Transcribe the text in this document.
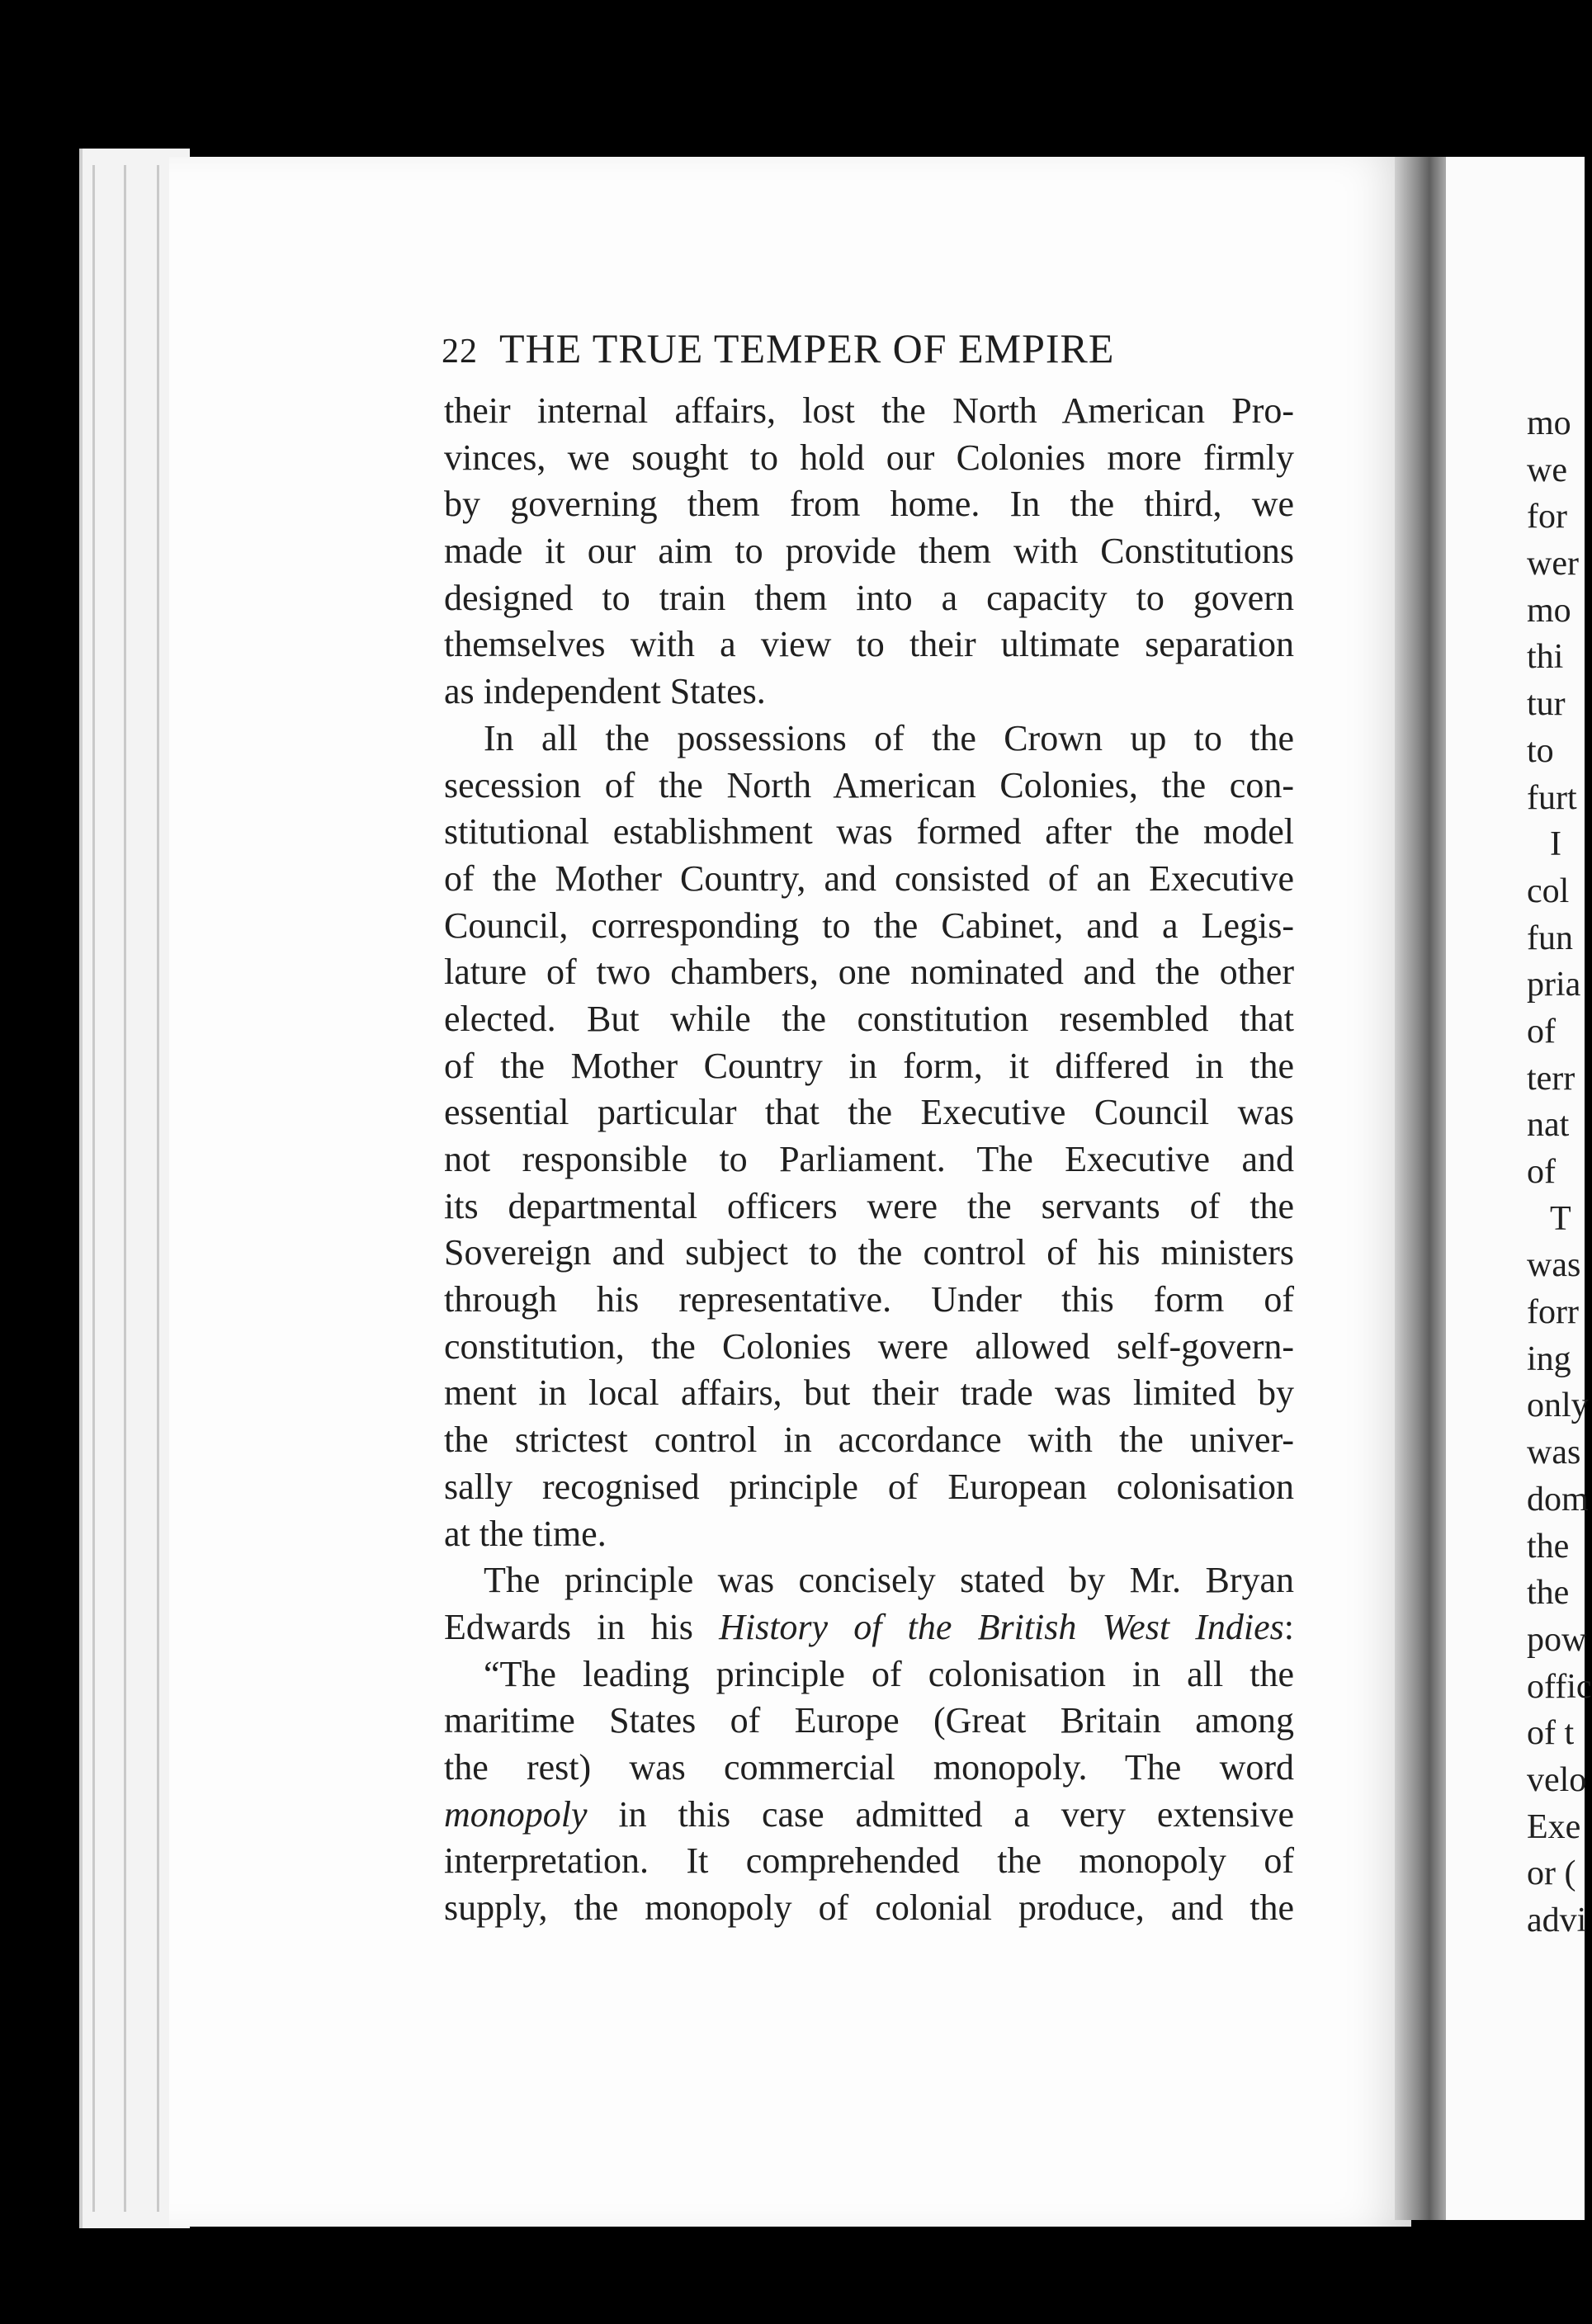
22 THE TRUE TEMPER OF EMPIRE
their internal affairs, lost the North American Pro-
vinces, we sought to hold our Colonies more firmly
by governing them from home. In the third, we
made it our aim to provide them with Constitutions
designed to train them into a capacity to govern
themselves with a view to their ultimate separation
as independent States.
In all the possessions of the Crown up to the
secession of the North American Colonies, the con-
stitutional establishment was formed after the model
of the Mother Country, and consisted of an Executive
Council, corresponding to the Cabinet, and a Legis-
lature of two chambers, one nominated and the other
elected. But while the constitution resembled that
of the Mother Country in form, it differed in the
essential particular that the Executive Council was
not responsible to Parliament. The Executive and
its departmental officers were the servants of the
Sovereign and subject to the control of his ministers
through his representative. Under this form of
constitution, the Colonies were allowed self-govern-
ment in local affairs, but their trade was limited by
the strictest control in accordance with the univer-
sally recognised principle of European colonisation
at the time.
The principle was concisely stated by Mr. Bryan
Edwards in his History of the British West Indies:
“The leading principle of colonisation in all the
maritime States of Europe (Great Britain among
the rest) was commercial monopoly. The word
monopoly in this case admitted a very extensive
interpretation. It comprehended the monopoly of
supply, the monopoly of colonial produce, and the
mo
we
for
wer
mo
thi
tur
to
furt
I
col
fun
pria
of
terr
nat
of
T
was
forr
ing
only
was
dom
the
the
pow
offic
of t
velo
Exe
or (
advi
